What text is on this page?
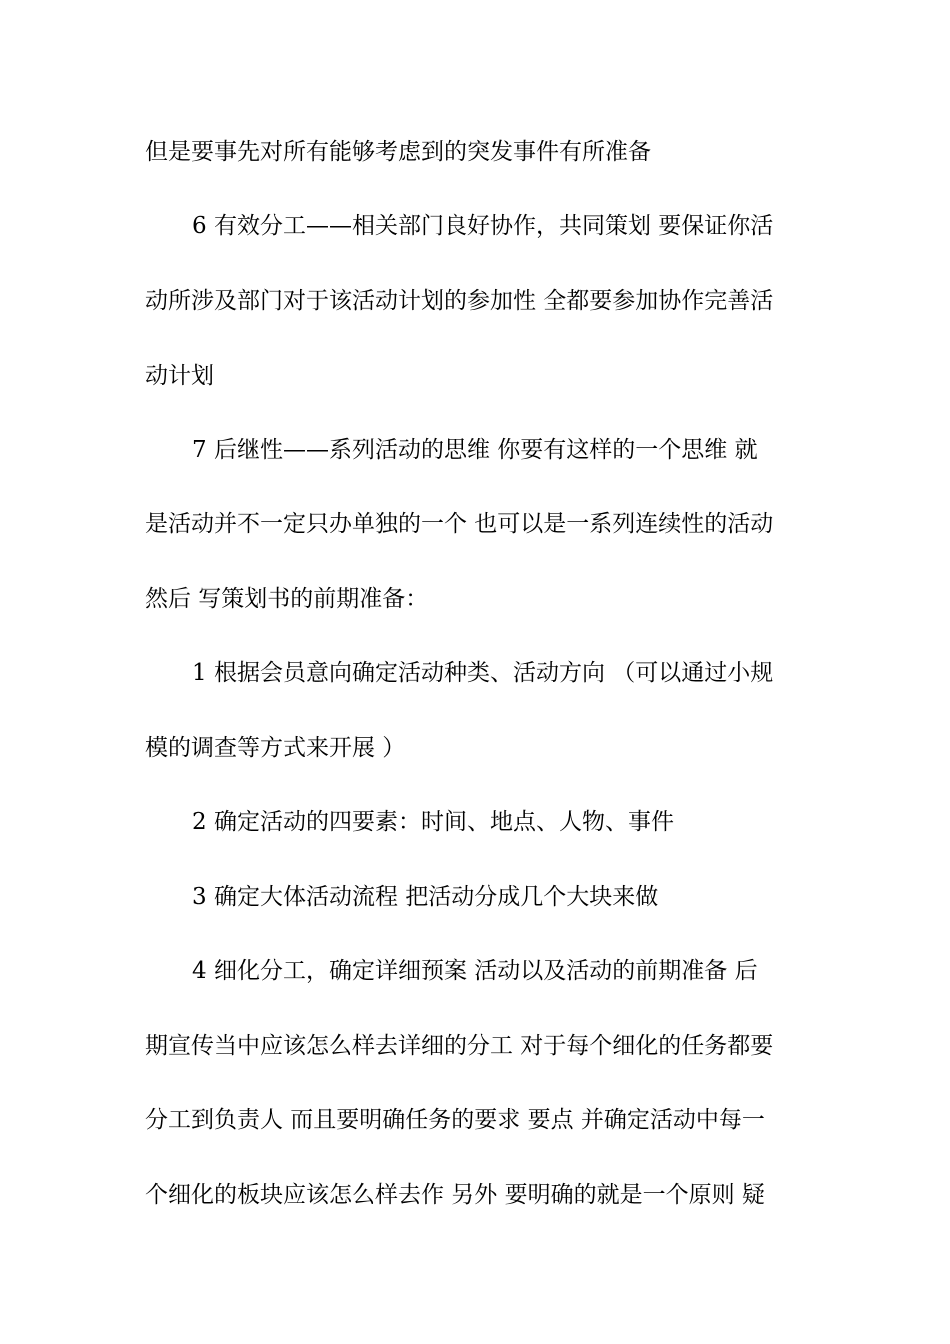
但是要事先对所有能够考虑到的突发事件有所准备
6 有效分工——相关部门良好协作，共同策划 要保证你活
动所涉及部门对于该活动计划的参加性 全都要参加协作完善活
动计划
7 后继性——系列活动的思维 你要有这样的一个思维 就
是活动并不一定只办单独的一个 也可以是一系列连续性的活动
然后 写策划书的前期准备：
1 根据会员意向确定活动种类、活动方向 （可以通过小规
模的调查等方式来开展 ）
2 确定活动的四要素：时间、地点、人物、事件
3 确定大体活动流程 把活动分成几个大块来做
4 细化分工，确定详细预案 活动以及活动的前期准备 后
期宣传当中应该怎么样去详细的分工 对于每个细化的任务都要
分工到负责人 而且要明确任务的要求 要点 并确定活动中每一
个细化的板块应该怎么样去作 另外 要明确的就是一个原则 疑
